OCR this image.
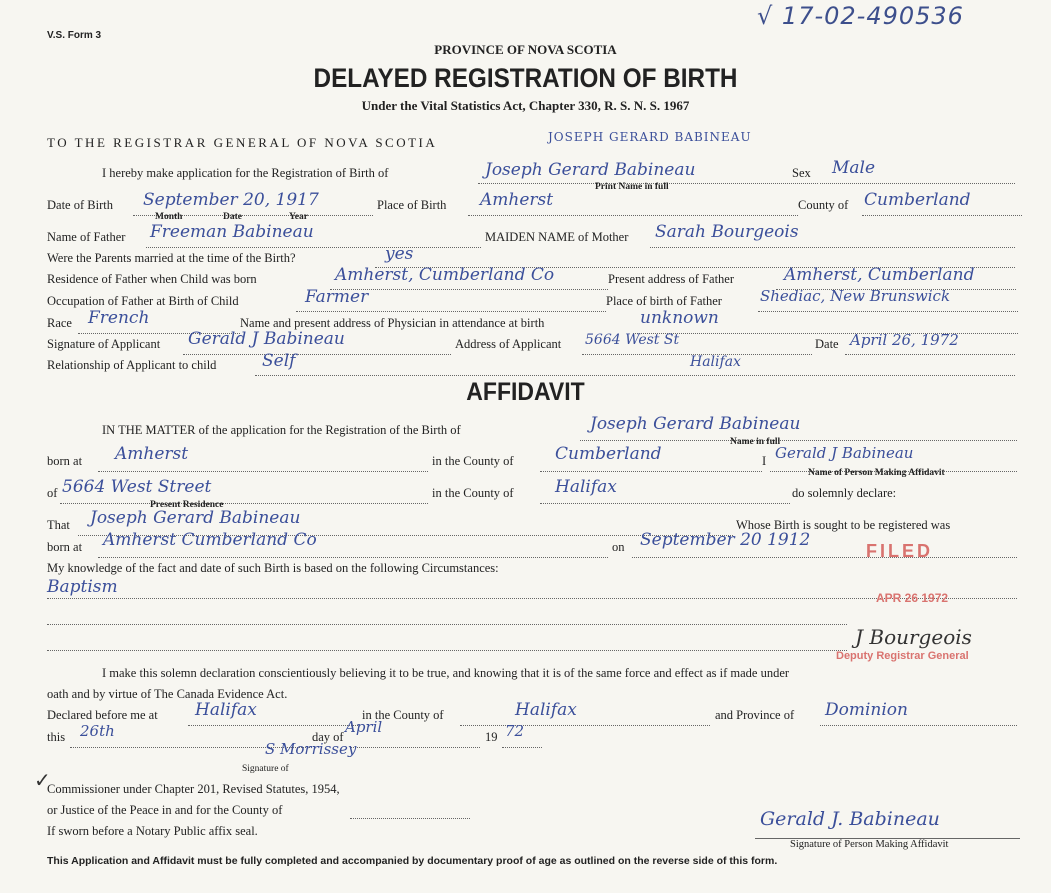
V.S. Form 3
√ 17-02-490536
PROVINCE OF NOVA SCOTIA
DELAYED REGISTRATION OF BIRTH
Under the Vital Statistics Act, Chapter 330, R. S. N. S. 1967
TO THE REGISTRAR GENERAL OF NOVA SCOTIA	JOSEPH GERARD BABINEAU
I hereby make application for the Registration of Birth of	Joseph Gerard Babineau
Print Name in full
Sex Male
Date of Birth September 20, 1917
Month	Date	Year
Place of Birth Amherst	County of Cumberland
Name of Father Freeman Babineau	MAIDEN NAME of Mother Sarah Bourgeois
Were the Parents married at the time of the Birth?	yes
Residence of Father when Child was born	Amherst, Cumberland Co	Present address of Father	Amherst, Cumberland
Occupation of Father at Birth of Child	Farmer	Place of birth of Father	Shediac, New Brunswick
Race French	Name and present address of Physician in attendance at birth	unknown
Signature of Applicant Gerald J Babineau	Address of Applicant 5664 West St	Date April 26, 1972
Relationship of Applicant to child	Self	Halifax
AFFIDAVIT
IN THE MATTER of the application for the Registration of the Birth of	Joseph Gerard Babineau
Name in full
born at Amherst	in the County of Cumberland	I Gerald J Babineau
Name of Person Making Affidavit
of 5664 West Street
Present Residence
in the County of Halifax	do solemnly declare:
That Joseph Gerard Babineau	Whose Birth is sought to be registered was
born at Amherst Cumberland Co	on September 20 1912
My knowledge of the fact and date of such Birth is based on the following Circumstances:
Baptism
I make this solemn declaration conscientiously believing it to be true, and knowing that it is of the same force and effect as if made under
oath and by virtue of The Canada Evidence Act.
Declared before me at Halifax	in the County of	Halifax	and Province of Dominion
this 26th	day of
April
19 72
S Morrissey
Signature of
✓
Commissioner under Chapter 201, Revised Statutes, 1954,
or Justice of the Peace in and for the County of
If sworn before a Notary Public affix seal.
Gerald J. Babineau
Signature of Person Making Affidavit
FILED
APR 26 1972
J Bourgeois
Deputy Registrar General
This Application and Affidavit must be fully completed and accompanied by documentary proof of age as outlined on the reverse side of this form.
